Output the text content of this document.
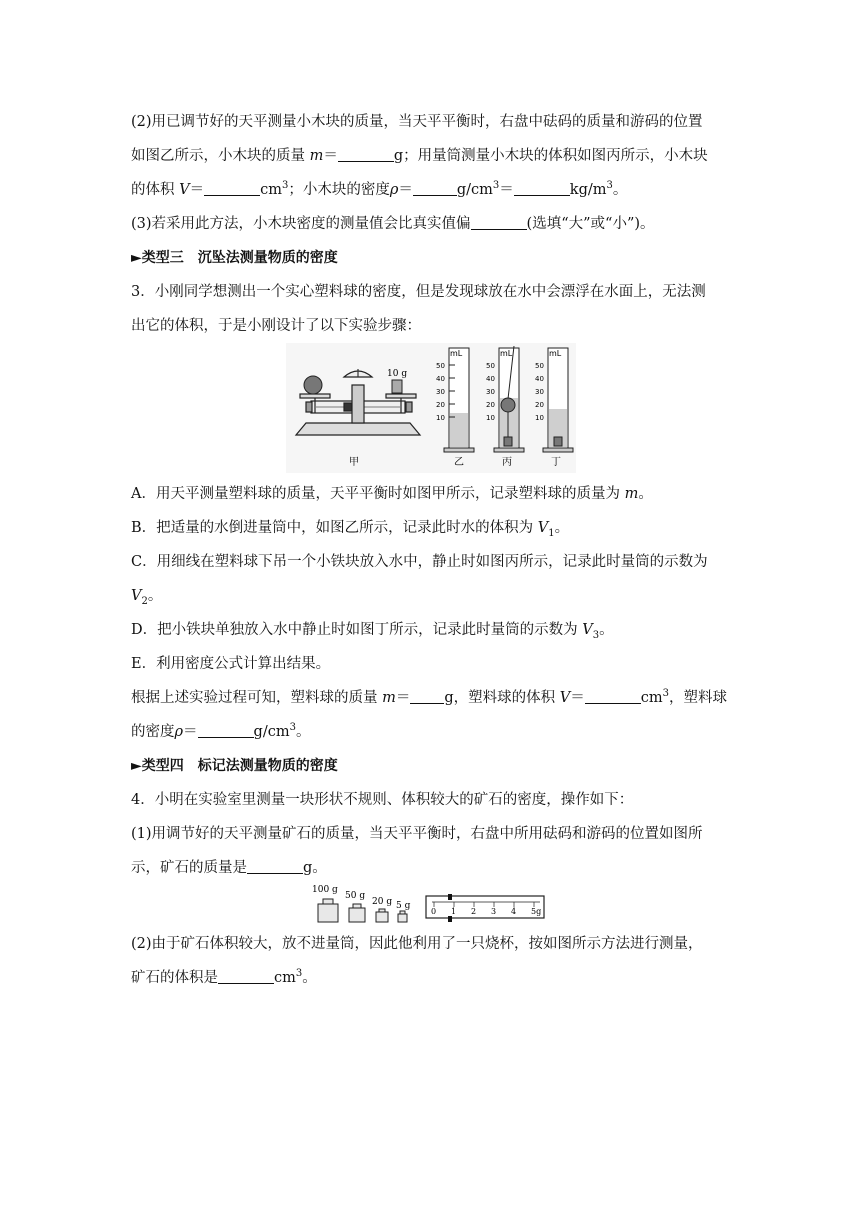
(2)用已调节好的天平测量小木块的质量，当天平平衡时，右盘中砝码的质量和游码的位置
如图乙所示，小木块的质量 m＝	g；用量筒测量小木块的体积如图丙所示，小木块
的体积 V＝	$cm^3$；小木块的密度ρ＝	$g/cm^3=$	$kg/m^3$。
(3)若采用此方法，小木块密度的测量值会比真实值偏	(选填“大”或“小”)。
►类型三　沉坠法测量物质的密度
3．小刚同学想测出一个实心塑料球的密度，但是发现球放在水中会漂浮在水面上，无法测
出它的体积，于是小刚设计了以下实验步骤：
10 g
甲
mL
50
40
30
20
10
乙
mL
50
40
30
20
10
丙
mL
50
40
30
20
10
丁
A．用天平测量塑料球的质量，天平平衡时如图甲所示，记录塑料球的质量为 m。
B．把适量的水倒进量筒中，如图乙所示，记录此时水的体积为 $V_1$。
C．用细线在塑料球下吊一个小铁块放入水中，静止时如图丙所示，记录此时量筒的示数为
$V_2$。
D．把小铁块单独放入水中静止时如图丁所示，记录此时量筒的示数为 $V_3$。
E．利用密度公式计算出结果。
根据上述实验过程可知，塑料球的质量 m＝ g，塑料球的体积 V＝	$cm^3$，塑料球
的密度ρ＝	$g/cm^3$。
►类型四　标记法测量物质的密度
4．小明在实验室里测量一块形状不规则、体积较大的矿石的密度，操作如下：
(1)用调节好的天平测量矿石的质量，当天平平衡时，右盘中所用砝码和游码的位置如图所
示，矿石的质量是	g。
100 g
50 g
20 g 5 g
0 1 2 3 4 5g
(2)由于矿石体积较大，放不进量筒，因此他利用了一只烧杯，按如图所示方法进行测量，
矿石的体积是	$cm^3$。
